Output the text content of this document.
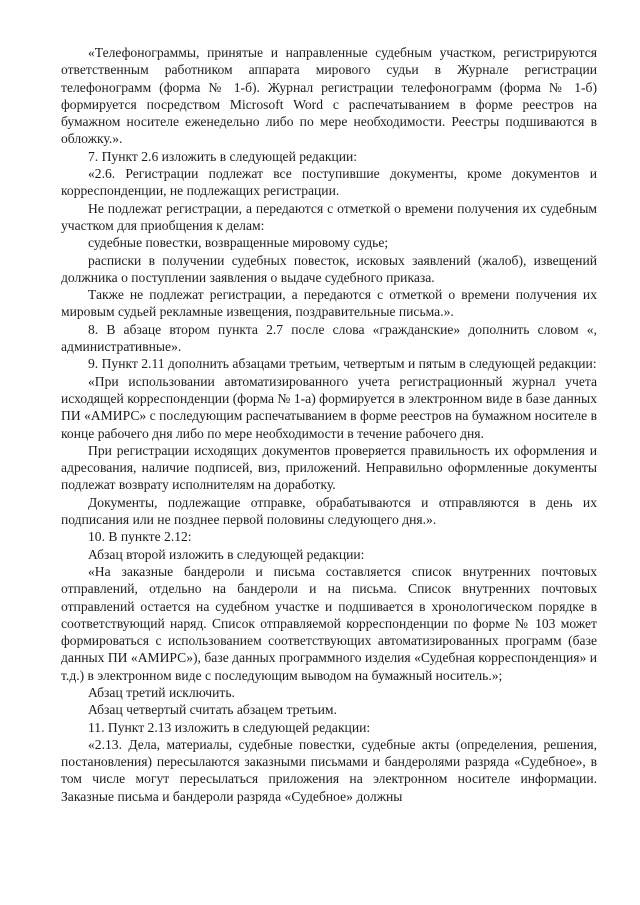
«Телефонограммы, принятые и направленные судебным участком, регистрируются ответственным работником аппарата мирового судьи в Журнале регистрации телефонограмм (форма № 1-б). Журнал регистрации телефонограмм (форма № 1-б) формируется посредством Microsoft Word с распечатыванием в форме реестров на бумажном носителе еженедельно либо по мере необходимости. Реестры подшиваются в обложку.».

7. Пункт 2.6 изложить в следующей редакции:

«2.6. Регистрации подлежат все поступившие документы, кроме документов и корреспонденции, не подлежащих регистрации.

Не подлежат регистрации, а передаются с отметкой о времени получения их судебным участком для приобщения к делам:

судебные повестки, возвращенные мировому судье;

расписки в получении судебных повесток, исковых заявлений (жалоб), извещений должника о поступлении заявления о выдаче судебного приказа.

Также не подлежат регистрации, а передаются с отметкой о времени получения их мировым судьей рекламные извещения, поздравительные письма.».

8. В абзаце втором пункта 2.7 после слова «гражданские» дополнить словом «, административные».

9. Пункт 2.11 дополнить абзацами третьим, четвертым и пятым в следующей редакции:

«При использовании автоматизированного учета регистрационный журнал учета исходящей корреспонденции (форма № 1-а) формируется в электронном виде в базе данных ПИ «АМИРС» с последующим распечатыванием в форме реестров на бумажном носителе в конце рабочего дня либо по мере необходимости в течение рабочего дня.

При регистрации исходящих документов проверяется правильность их оформления и адресования, наличие подписей, виз, приложений. Неправильно оформленные документы подлежат возврату исполнителям на доработку.

Документы, подлежащие отправке, обрабатываются и отправляются в день их подписания или не позднее первой половины следующего дня.».

10. В пункте 2.12:

Абзац второй изложить в следующей редакции:

«На заказные бандероли и письма составляется список внутренних почтовых отправлений, отдельно на бандероли и на письма. Список внутренних почтовых отправлений остается на судебном участке и подшивается в хронологическом порядке в соответствующий наряд. Список отправляемой корреспонденции по форме № 103 может формироваться с использованием соответствующих автоматизированных программ (базе данных ПИ «АМИРС»), базе данных программного изделия «Судебная корреспонденция» и т.д.) в электронном виде с последующим выводом на бумажный носитель.»;

Абзац третий исключить.

Абзац четвертый считать абзацем третьим.

11. Пункт 2.13 изложить в следующей редакции:

«2.13. Дела, материалы, судебные повестки, судебные акты (определения, решения, постановления) пересылаются заказными письмами и бандеролями разряда «Судебное», в том числе могут пересылаться приложения на электронном носителе информации. Заказные письма и бандероли разряда «Судебное» должны
